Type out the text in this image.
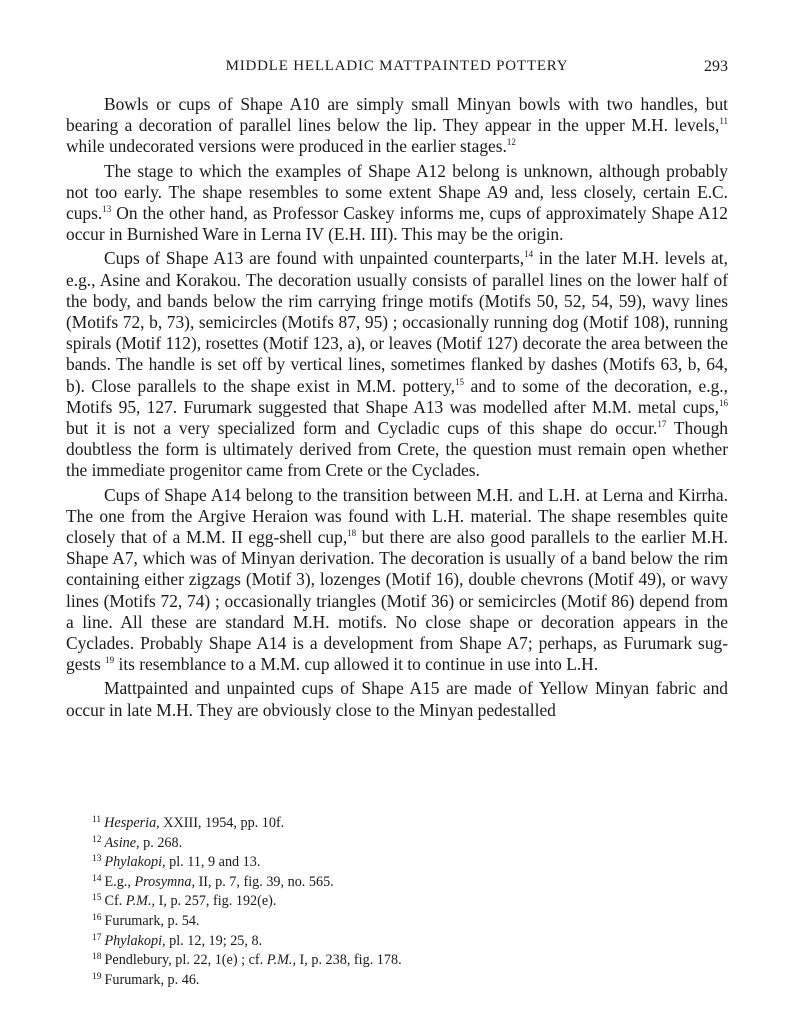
MIDDLE HELLADIC MATTPAINTED POTTERY	293

Bowls or cups of Shape A10 are simply small Minyan bowls with two handles, but bearing a decoration of parallel lines below the lip. They appear in the upper M.H. levels,$^{11}$ while undecorated versions were produced in the earlier stages.$^{12}$

The stage to which the examples of Shape A12 belong is unknown, although probably not too early. The shape resembles to some extent Shape A9 and, less closely, certain E.C. cups.$^{13}$ On the other hand, as Professor Caskey informs me, cups of approximately Shape A12 occur in Burnished Ware in Lerna IV (E.H. III). This may be the origin.

Cups of Shape A13 are found with unpainted counterparts,$^{14}$ in the later M.H. levels at, e.g., Asine and Korakou. The decoration usually consists of parallel lines on the lower half of the body, and bands below the rim carrying fringe motifs (Motifs 50, 52, 54, 59), wavy lines (Motifs 72, b, 73), semicircles (Motifs 87, 95) ; occasionally running dog (Motif 108), running spirals (Motif 112), rosettes (Motif 123, a), or leaves (Motif 127) decorate the area between the bands. The handle is set off by vertical lines, sometimes flanked by dashes (Motifs 63, b, 64, b). Close parallels to the shape exist in M.M. pottery,$^{15}$ and to some of the decoration, e.g., Motifs 95, 127. Furumark suggested that Shape A13 was modelled after M.M. metal cups,$^{16}$ but it is not a very specialized form and Cycladic cups of this shape do occur.$^{17}$ Though doubtless the form is ultimately derived from Crete, the question must remain open whether the immediate progenitor came from Crete or the Cyclades.

Cups of Shape A14 belong to the transition between M.H. and L.H. at Lerna and Kirrha. The one from the Argive Heraion was found with L.H. material. The shape resembles quite closely that of a M.M. II egg-shell cup,$^{18}$ but there are also good parallels to the earlier M.H. Shape A7, which was of Minyan derivation. The decoration is usually of a band below the rim containing either zigzags (Motif 3), lozenges (Motif 16), double chevrons (Motif 49), or wavy lines (Motifs 72, 74) ; occasionally triangles (Motif 36) or semicircles (Motif 86) depend from a line. All these are standard M.H. motifs. No close shape or decoration appears in the Cyclades. Probably Shape A14 is a development from Shape A7; perhaps, as Furumark sug- gests $^{19}$ its resemblance to a M.M. cup allowed it to continue in use into L.H.

Mattpainted and unpainted cups of Shape A15 are made of Yellow Minyan fabric and occur in late M.H. They are obviously close to the Minyan pedestalled

$^{11}$ Hesperia, XXIII, 1954, pp. 10f.
$^{12}$ Asine, p. 268.
$^{13}$ Phylakopi, pl. 11, 9 and 13.
$^{14}$ E.g., Prosymna, II, p. 7, fig. 39, no. 565.
$^{15}$ Cf. P.M., I, p. 257, fig. 192(e).
$^{16}$ Furumark, p. 54.
$^{17}$ Phylakopi, pl. 12, 19; 25, 8.
$^{18}$ Pendlebury, pl. 22, 1(e) ; cf. P.M., I, p. 238, fig. 178.
$^{19}$ Furumark, p. 46.
